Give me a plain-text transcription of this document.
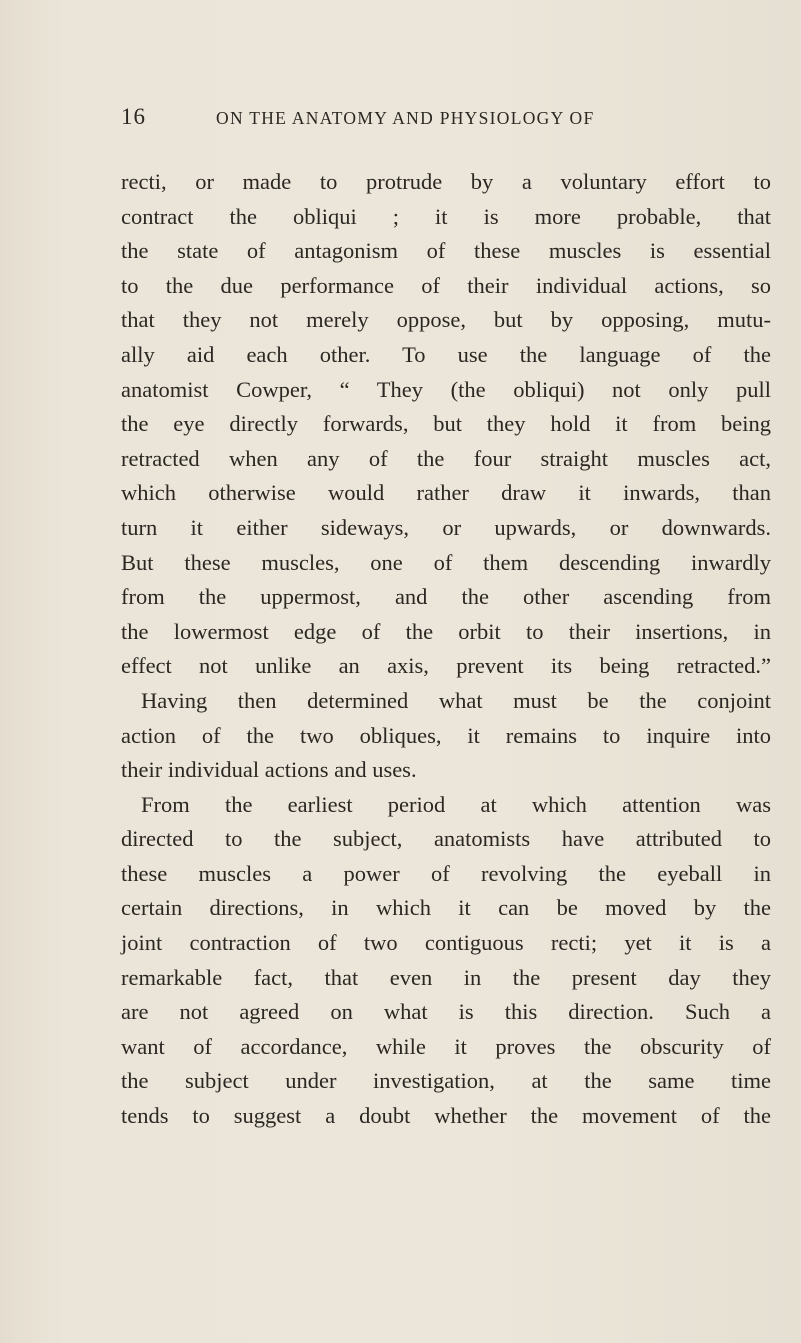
16	ON THE ANATOMY AND PHYSIOLOGY OF
recti, or made to protrude by a voluntary effort to
contract the obliqui ; it is more probable, that
the state of antagonism of these muscles is essential
to the due performance of their individual actions, so
that they not merely oppose, but by opposing, mutu-
ally aid each other. To use the language of the
anatomist Cowper, “ They (the obliqui) not only pull
the eye directly forwards, but they hold it from being
retracted when any of the four straight muscles act,
which otherwise would rather draw it inwards, than
turn it either sideways, or upwards, or downwards.
But these muscles, one of them descending inwardly
from the uppermost, and the other ascending from
the lowermost edge of the orbit to their insertions, in
effect not unlike an axis, prevent its being retracted.”
Having then determined what must be the conjoint
action of the two obliques, it remains to inquire into
their individual actions and uses.
From the earliest period at which attention was
directed to the subject, anatomists have attributed to
these muscles a power of revolving the eyeball in
certain directions, in which it can be moved by the
joint contraction of two contiguous recti; yet it is a
remarkable fact, that even in the present day they
are not agreed on what is this direction. Such a
want of accordance, while it proves the obscurity of
the subject under investigation, at the same time
tends to suggest a doubt whether the movement of the
